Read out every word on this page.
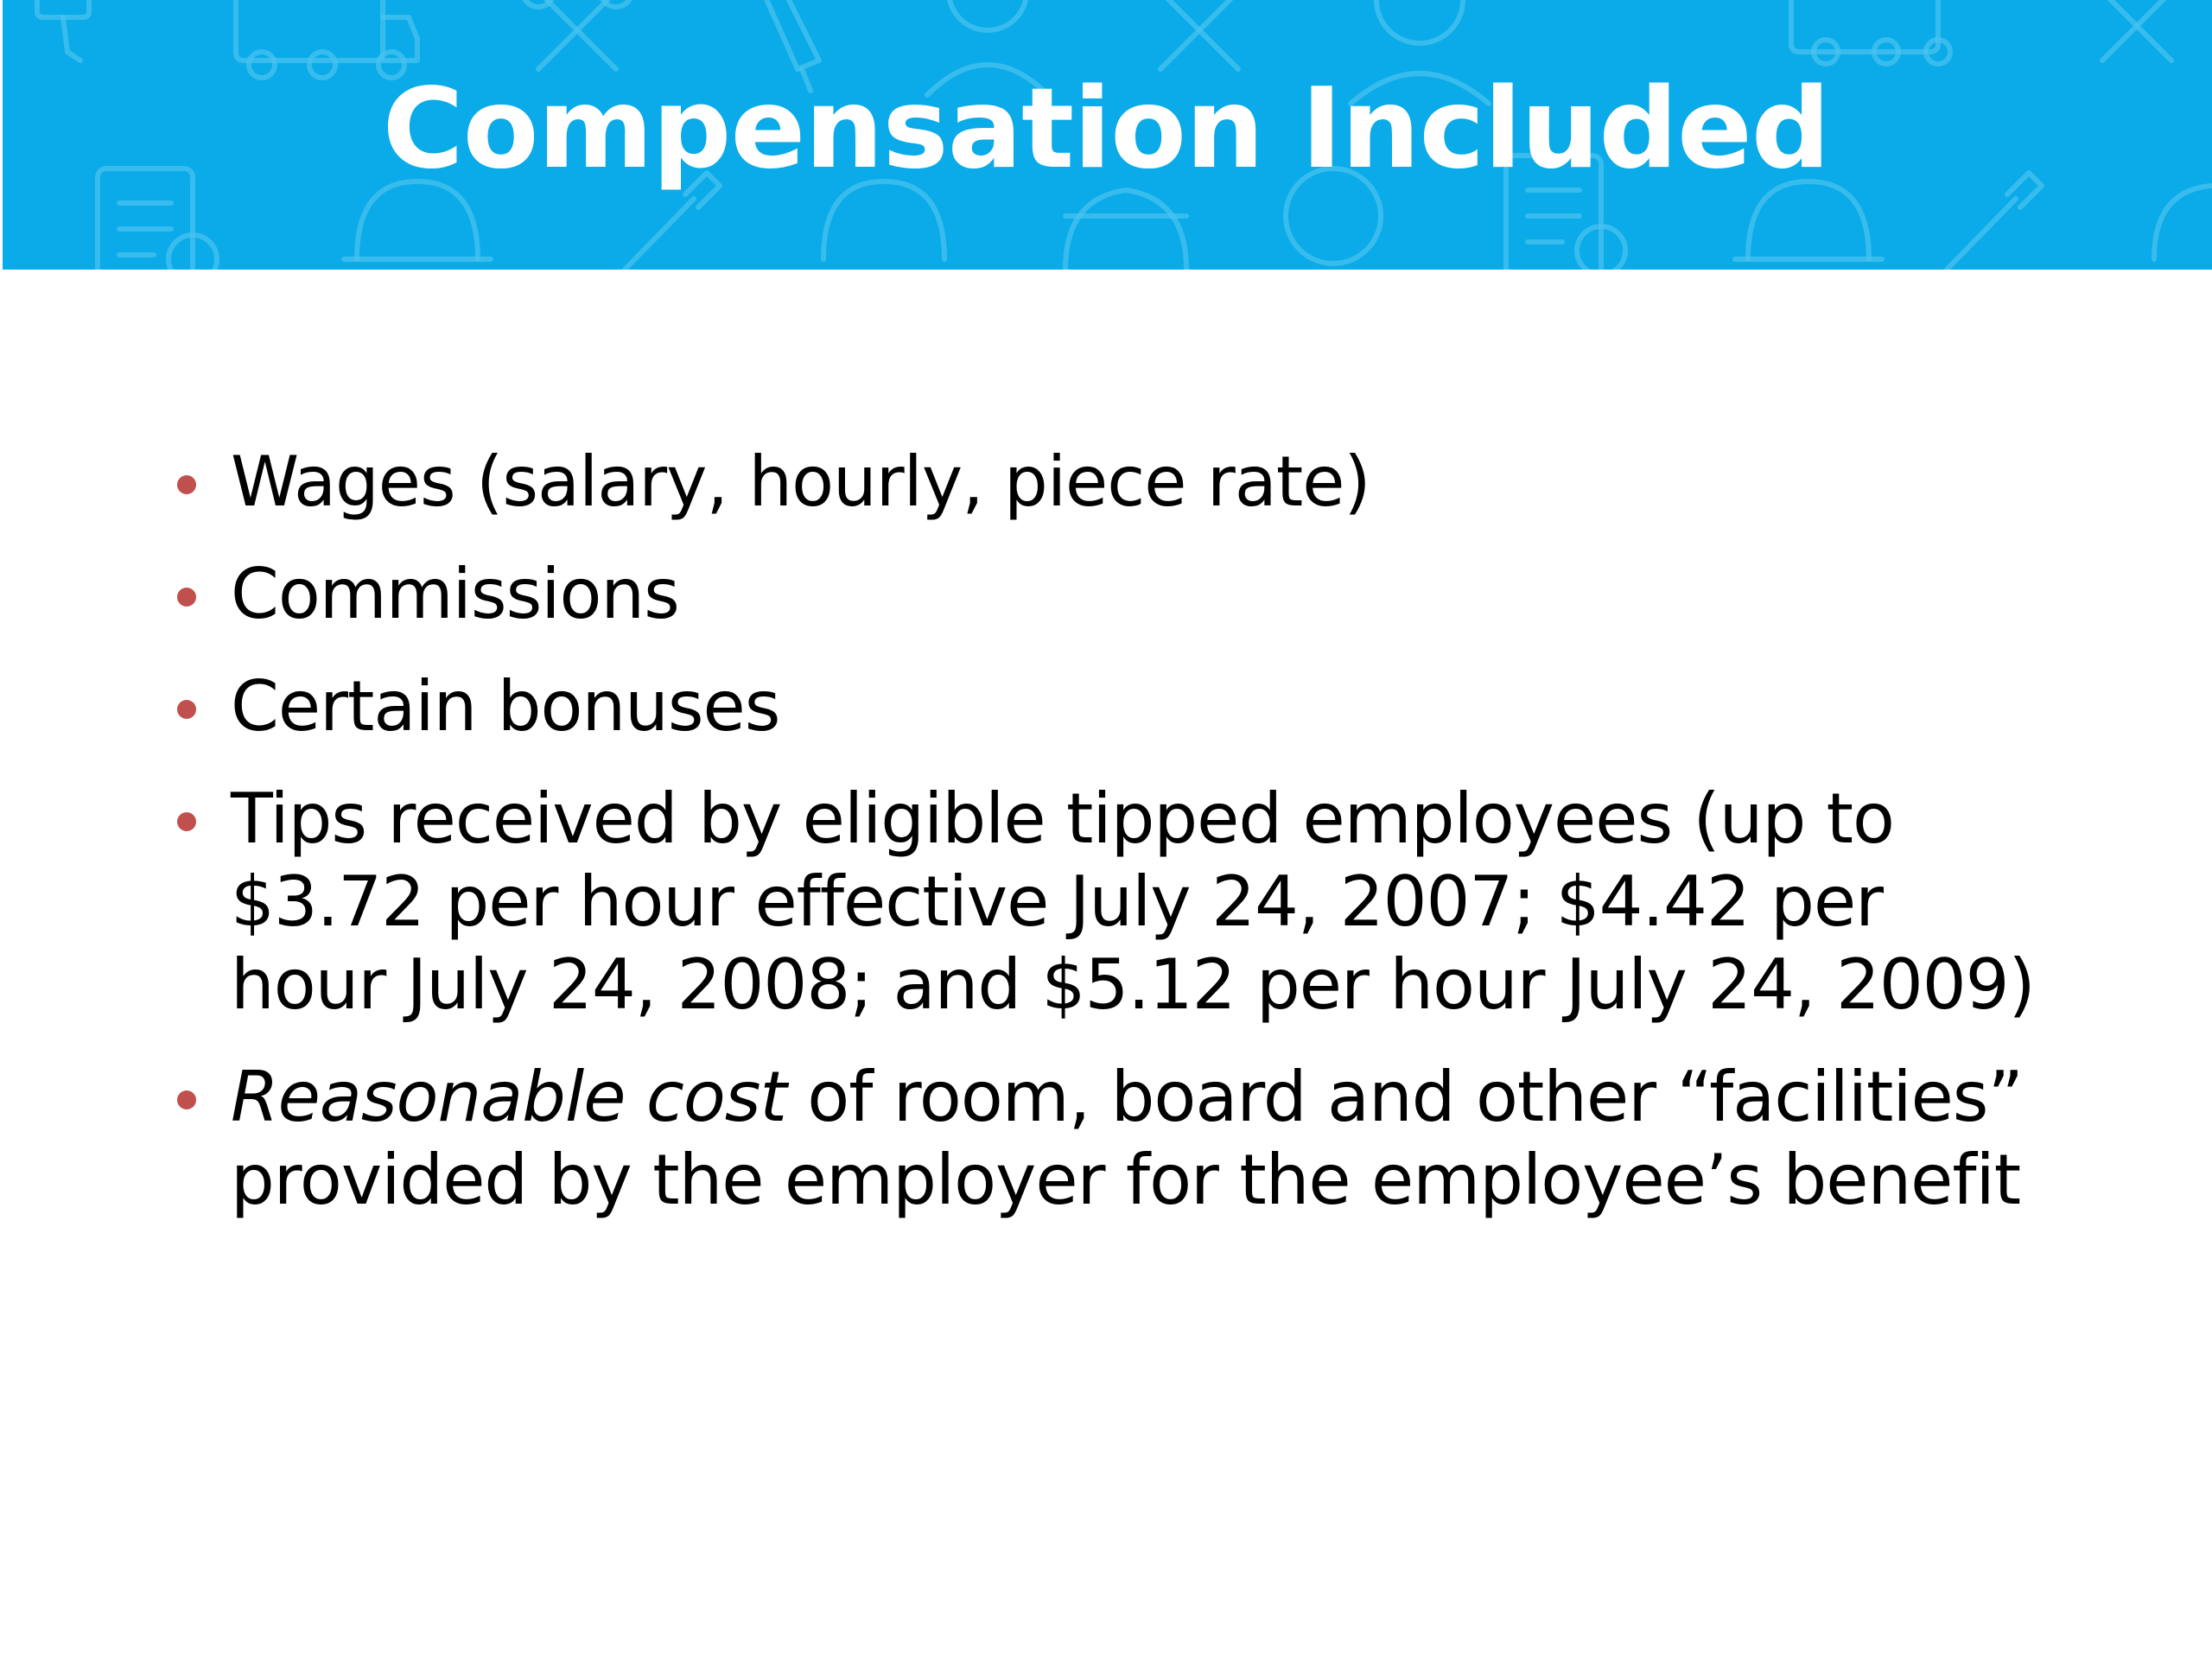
Compensation Included
Wages (salary, hourly, piece rate)
Commissions
Certain bonuses
Tips received by eligible tipped employees (up to $3.72 per hour effective July 24, 2007; $4.42 per hour July 24, 2008; and $5.12 per hour July 24, 2009)
Reasonable cost of room, board and other “facilities” provided by the employer for the employee’s benefit
